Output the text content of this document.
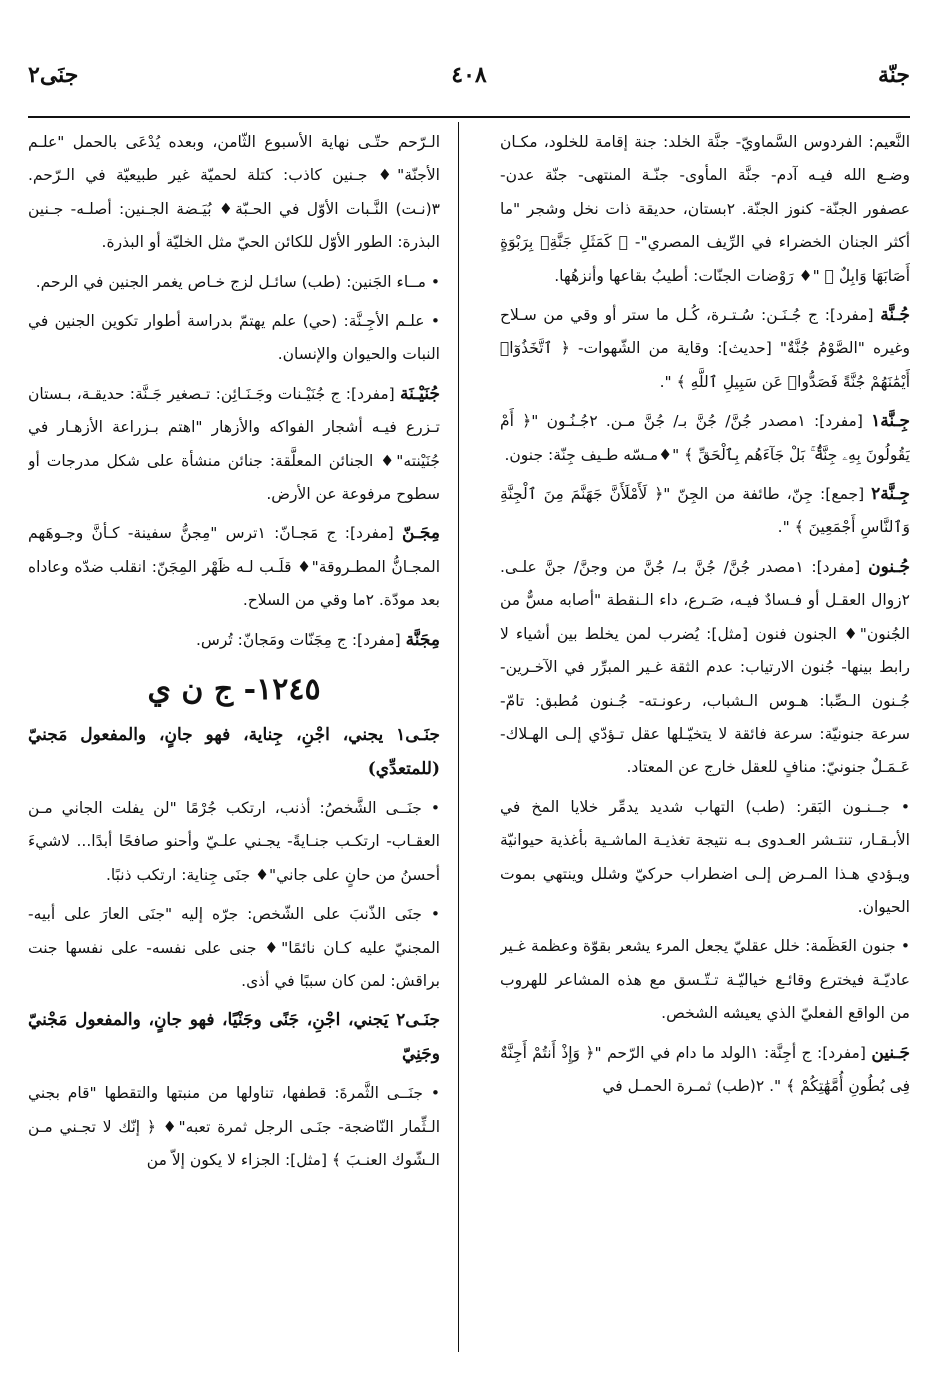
جنّة
٤٠٨
جنَى٢
النَّعيم: الفردوس السَّماويّ- جنَّة الخلد: جنة إقامة للخلود، مكـان وضـع الله فيـه آدم- جنَّة المأوى- جنّـة المنتهى- جنّة عدن- عصفور الجنّة- كنوز الجنّة. ٢بستان، حديقة ذات نخل وشجر "ما أكثر الجنان الخضراء في الرِّيف المصري"- ﴿ كَمَثَلِ جَنَّةِۭ بِرَبْوَةٍ أَصَابَهَا وَابِلٌ ﴾ "♦ رَوْضات الجنّات: أطيبُ بقاعها وأنزهُها.
جُـنَّة [مفرد]: ج جُـنَـن: سُـتـرة، كُـل ما ستر أو وقي من سـلاح وغيره "الصَّوْمُ جُنَّةٌ" [حديث]: وقاية من الشّهوات- ﴿ ٱتَّخَذُوٓا۟ أَيْمَٰنَهُمْ جُنَّةً فَصَدُّوا۟ عَن سَبِيلِ ٱللَّهِ ﴾ ".
جِـنَّة١ [مفرد]: ١مصدر جُنَّ/ جُنَّ بـ/ جُنَّ مـن. ٢جُـنُـون "﴿ أَمْ يَقُولُونَ بِهِۦ جِنَّةٌۢ ۚ بَلْ جَآءَهُم بِٱلْحَقِّ ﴾ "♦مـسّه طـيف جِنّة: جنون.
جِـنَّة٢ [جمع]: جِنّ، طائفة من الجِنّ "﴿ لَأَمْلَأَنَّ جَهَنَّمَ مِنَ ٱلْجِنَّةِ وَٱلنَّاسِ أَجْمَعِينَ ﴾ ".
جُـنون [مفرد]: ١مصدر جُنَّ/ جُنَّ بـ/ جُنَّ من وجنَّ/ جنَّ علـى. ٢زوال العقـل أو فـسادٌ فيـه، صَـرع، داء الـنقطة "أصابه مسٌّ من الجُنون"♦ الجنون فنون [مثل]: يُضرب لمن يخلط بين أشياء لا رابط بينها- جُنون الارتياب: عدم الثقة غـير المبرِّر في الآخـرين- جُـنون الـصِّبا: هـوس الـشباب، رعونـته- جُـنون مُطبق: تامّ- سرعة جنونيّة: سرعة فائقة لا يتخيّـلها عقل تـؤدّي إلـى الهـلاك- عَـمَـلٌ جنونيّ: منافٍ للعقل خارج عن المعتاد.
• جــنـون البَقر: (طب) التهاب شديد يدمِّر خلايا المخ في الأبـقـار، تنتـشر العـدوى بـه نتيجة تغذيـة الماشـية بأغذية حيوانيّة ويـؤدي هـذا المـرض إلـى اضطراب حركيّ وشلل وينتهي بموت الحيوان.
• جنون العَظَمة: خلل عقليّ يجعل المرء يشعر بقوّة وعظمة غـير عاديّـة فيخترع وقائـع خياليّـة تـتّـسق مع هذه المشاعر للهروب من الواقع الفعليّ الذي يعيشه الشخص.
جَـنين [مفرد]: ج أجِنَّة: ١الولد ما دام في الرّحم "﴿ وَإِذْ أَنتُمْ أَجِنَّةٌ فِى بُطُونِ أُمَّهَٰتِكُمْ ﴾ ". ٢(طب) ثمـرة الحمـل في
الـرّحم حتّـى نهاية الأسبوع الثّامن، وبعده يُدْعَى بالحمل "علـم الأجنّة"♦ جـنين كاذب: كتلة لحميّة غير طبيعيّة في الـرّحم. ٣(نـت) النَّـبات الأوّل في الحـبّة♦ بُيَـضة الجـنين: أصلـه- جـنين البذرة: الطور الأوّل للكائن الحيّ مثل الخليّة أو البذرة.
• مــاء الجَنين: (طب) سائـل لزج خـاص يغمر الجنين في الرحم.
• علـم الأجِـنَّة: (حي) علم يهتمّ بدراسة أطوار تكوين الجنين في النبات والحيوان والإنسان.
جُنَيْـنَة [مفرد]: ج جُنَيْـنات وجَـنَـائِن: تـصغير جَـنَّة: حديقـة، بـستان تـزرع فيـه أشجار الفواكه والأزهار "اهتم بـزراعة الأزهـار في جُنَيْنته"♦ الجنائن المعلَّقة: جنائن منشأة على شكل مدرجات أو سطوح مرفوعة عن الأرض.
مِجَـنّ [مفرد]: ج مَجـانّ: ١ترس "مِجنُّ سفينة- كـأنَّ وجـوهَهم المجـانُّ المطـروقة"♦ قلَـب لـه ظَهْر المِجَنّ: انقلب ضدّه وعاداه بعد مودّة. ٢ما وقي من السلاح.
مِجَنَّة [مفرد]: ج مِجَنّات ومَجانّ: تُرس.
١٢٤٥- ج ن ي
جنَـى١ يجني، اجْنِ، جِناية، فهو جانٍ، والمفعول مَجنيّ (للمتعدِّي)
• جنَــى الشَّخصُ: أذنب، ارتكب جُرْمًا "لن يفلت الجاني مـن العقـاب- ارتكـب جنـايةً- يجـني علـيّ وأحنو صافحًا أبدًا... لاشيءَ أحسنُ من حانٍ على جاني"♦ جنَى جِناية: ارتكب ذنبًا.
• جنَى الذّنبَ على الشّخص: جرّه إليه "جنَى العارَ على أبيه- المجنيّ عليه كـان نائمًا"♦ جنى على نفسه- على نفسها جنت براقش: لمن كان سببًا في أذى.
جنَـى٢ يَجني، اجْنِ، جَنًى وجَنْيًا، فهو جانٍ، والمفعول مَجْنيّ وجَنِيّ
• جنَــى الثَّمرةَ: قطفها، تناولها من منبتها والتقطها "قام بجني الـثِّمار النّاضجة- جنَـى الرجل ثمرة تعبه"♦ ﴿ إنّك لا تجـني مـن الـشّوك العنـبَ ﴾ [مثل]: الجزاء لا يكون إلاّ من
